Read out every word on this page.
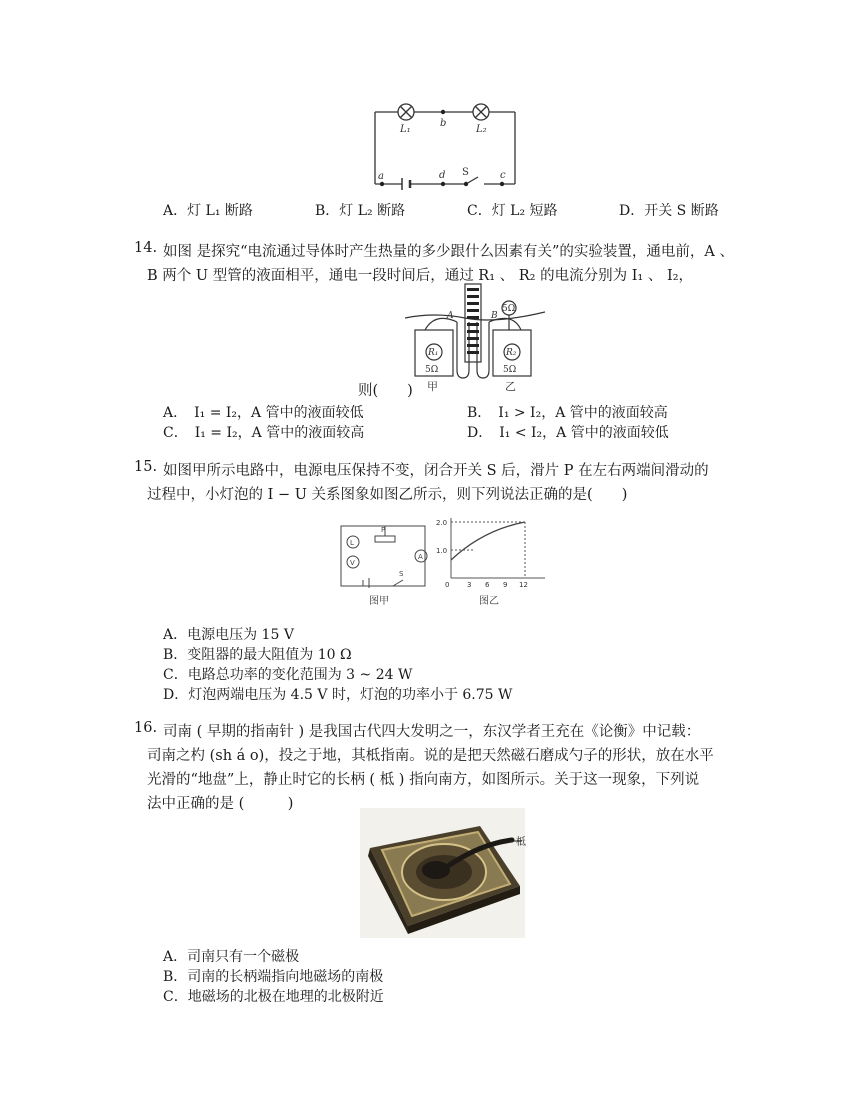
L₁	L₂
b
a	d S	c
A．灯 L₁ 断路	B．灯 L₂ 断路	C．灯 L₂ 短路	D．开关 S 断路
14. 如图 是探究“电流通过导体时产生热量的多少跟什么因素有关”的实验装置，通电前，A 、
B 两个 U 型管的液面相平，通电一段时间后，通过 R₁ 、 R₂ 的电流分别为 I₁ 、 I₂，
A	B
R₁	R₂
5Ω	5Ω
5Ω
甲	乙
则(　　)
A．　I₁ = I₂，A 管中的液面较低	B．　I₁ > I₂，A 管中的液面较高
C．　I₁ = I₂，A 管中的液面较高	D．　I₁ < I₂，A 管中的液面较低
15. 如图甲所示电路中，电源电压保持不变，闭合开关 S 后，滑片 P 在左右两端间滑动的
过程中，小灯泡的 I − U 关系图象如图乙所示，则下列说法正确的是(　　)
L
V
A
P
S
图甲
2.0
1.0
0	3 6 9 12
图乙
A．电源电压为 15 V
B．变阻器的最大阻值为 10 Ω
C．电路总功率的变化范围为 3 ~ 24 W
D．灯泡两端电压为 4.5 V 时，灯泡的功率小于 6.75 W
16. 司南 ( 早期的指南针 ) 是我国古代四大发明之一，东汉学者王充在《论衡》中记载：
司南之杓 (sh á o)，投之于地，其柢指南。说的是把天然磁石磨成勺子的形状，放在水平
光滑的“地盘”上，静止时它的长柄 ( 柢 ) 指向南方，如图所示。关于这一现象，下列说
法中正确的是 (　　　)
柢
A．司南只有一个磁极
B．司南的长柄端指向地磁场的南极
C．地磁场的北极在地理的北极附近
